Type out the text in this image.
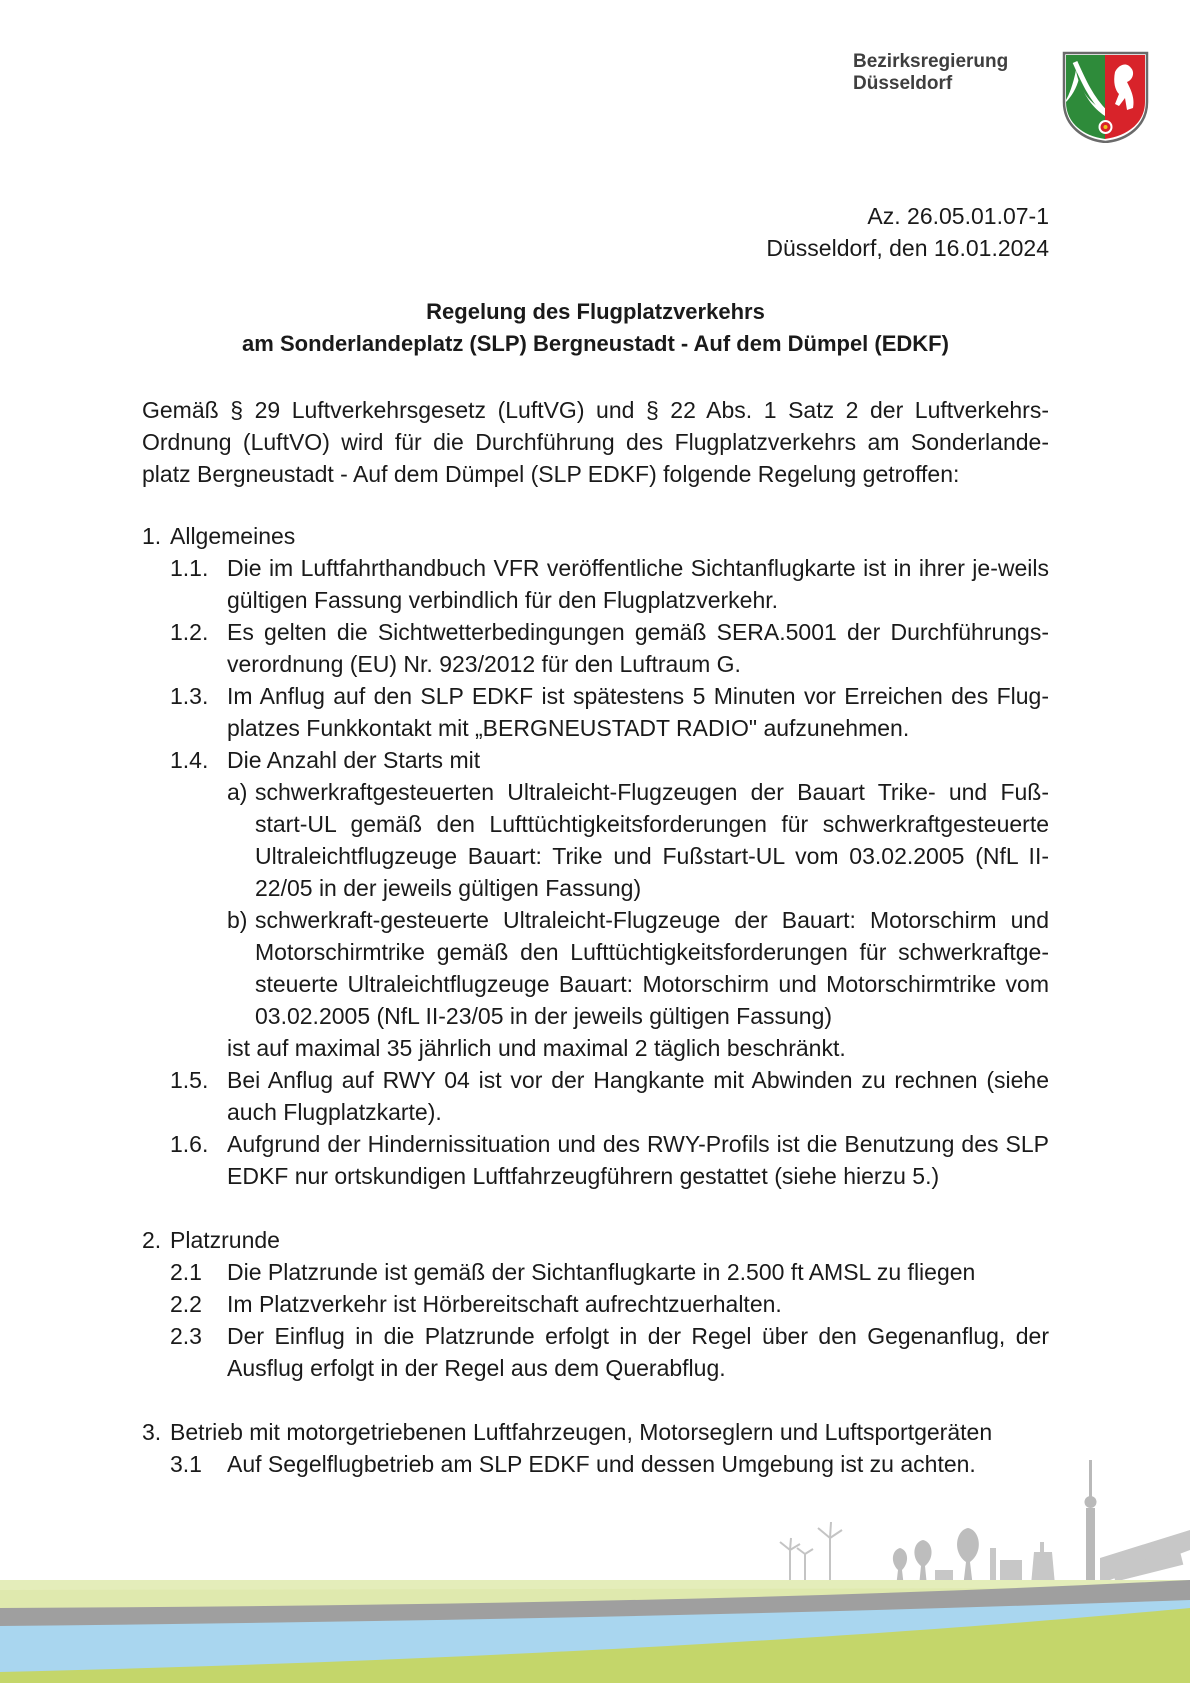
Bezirksregierung
Düsseldorf
Az. 26.05.01.07-1
Düsseldorf, den 16.01.2024
Regelung des Flugplatzverkehrs
am Sonderlandeplatz (SLP) Bergneustadt - Auf dem Dümpel (EDKF)
Gemäß § 29 Luftverkehrsgesetz (LuftVG) und § 22 Abs. 1 Satz 2 der Luftverkehrs-Ordnung (LuftVO) wird für die Durchführung des Flugplatzverkehrs am Sonderlande-platz Bergneustadt - Auf dem Dümpel (SLP EDKF) folgende Regelung getroffen:
1. Allgemeines
1.1. Die im Luftfahrthandbuch VFR veröffentliche Sichtanflugkarte ist in ihrer je-weils gültigen Fassung verbindlich für den Flugplatzverkehr.
1.2. Es gelten die Sichtwetterbedingungen gemäß SERA.5001 der Durchführungs-verordnung (EU) Nr. 923/2012 für den Luftraum G.
1.3. Im Anflug auf den SLP EDKF ist spätestens 5 Minuten vor Erreichen des Flug-platzes Funkkontakt mit „BERGNEUSTADT RADIO" aufzunehmen.
1.4. Die Anzahl der Starts mit
a) schwerkraftgesteuerten Ultraleicht-Flugzeugen der Bauart Trike- und Fuß-start-UL gemäß den Lufttüchtigkeitsforderungen für schwerkraftgesteuerte Ultraleichtflugzeuge Bauart: Trike und Fußstart-UL vom 03.02.2005 (NfL II-22/05 in der jeweils gültigen Fassung)
b) schwerkraft-gesteuerte Ultraleicht-Flugzeuge der Bauart: Motorschirm und Motorschirmtrike gemäß den Lufttüchtigkeitsforderungen für schwerkraftge-steuerte Ultraleichtflugzeuge Bauart: Motorschirm und Motorschirmtrike vom 03.02.2005 (NfL II-23/05 in der jeweils gültigen Fassung)
ist auf maximal 35 jährlich und maximal 2 täglich beschränkt.
1.5. Bei Anflug auf RWY 04 ist vor der Hangkante mit Abwinden zu rechnen (siehe auch Flugplatzkarte).
1.6. Aufgrund der Hindernissituation und des RWY-Profils ist die Benutzung des SLP EDKF nur ortskundigen Luftfahrzeugführern gestattet (siehe hierzu 5.)
2. Platzrunde
2.1 Die Platzrunde ist gemäß der Sichtanflugkarte in 2.500 ft AMSL zu fliegen
2.2 Im Platzverkehr ist Hörbereitschaft aufrechtzuerhalten.
2.3 Der Einflug in die Platzrunde erfolgt in der Regel über den Gegenanflug, der Ausflug erfolgt in der Regel aus dem Querabflug.
3. Betrieb mit motorgetriebenen Luftfahrzeugen, Motorseglern und Luftsportgeräten
3.1 Auf Segelflugbetrieb am SLP EDKF und dessen Umgebung ist zu achten.
